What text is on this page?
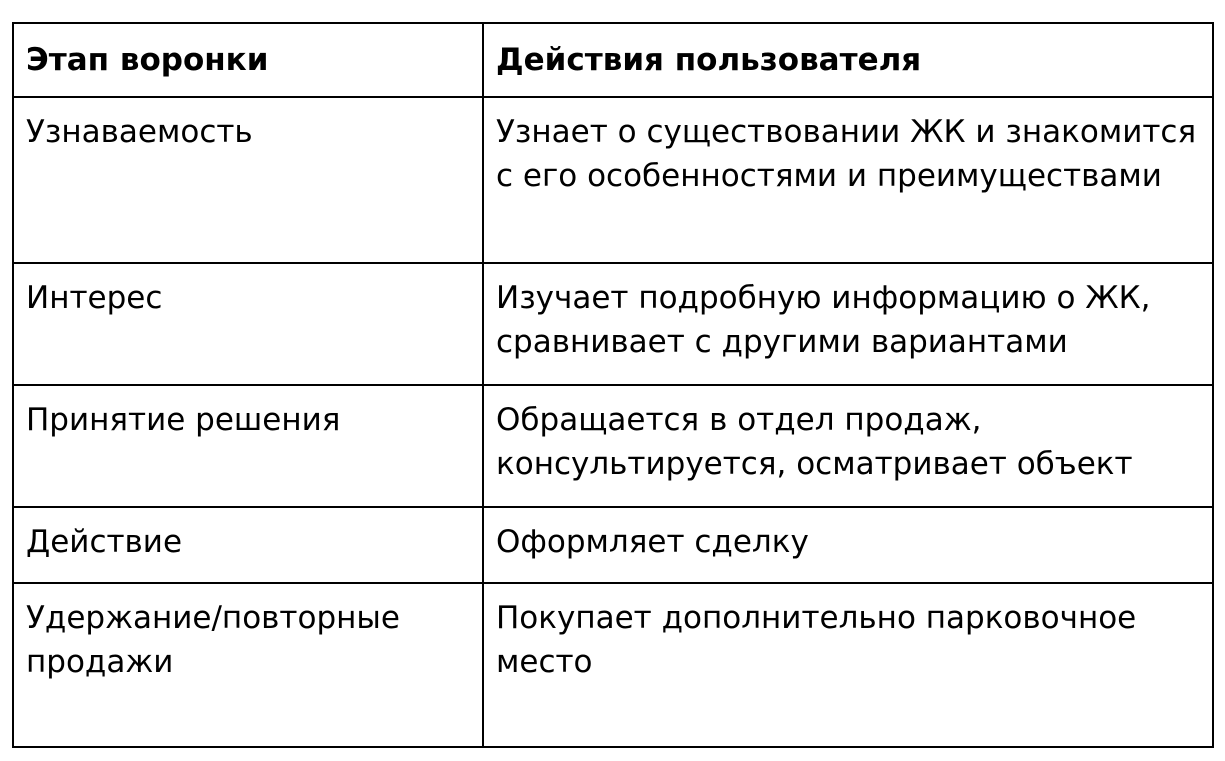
Этап воронки	Действия пользователя
Узнаваемость	Узнает о существовании ЖК и знакомится с его особенностями и преимуществами
Интерес	Изучает подробную информацию о ЖК, сравнивает с другими вариантами
Принятие решения	Обращается в отдел продаж, консультируется, осматривает объект
Действие	Оформляет сделку
Удержание/повторные продажи	Покупает дополнительно парковочное место
